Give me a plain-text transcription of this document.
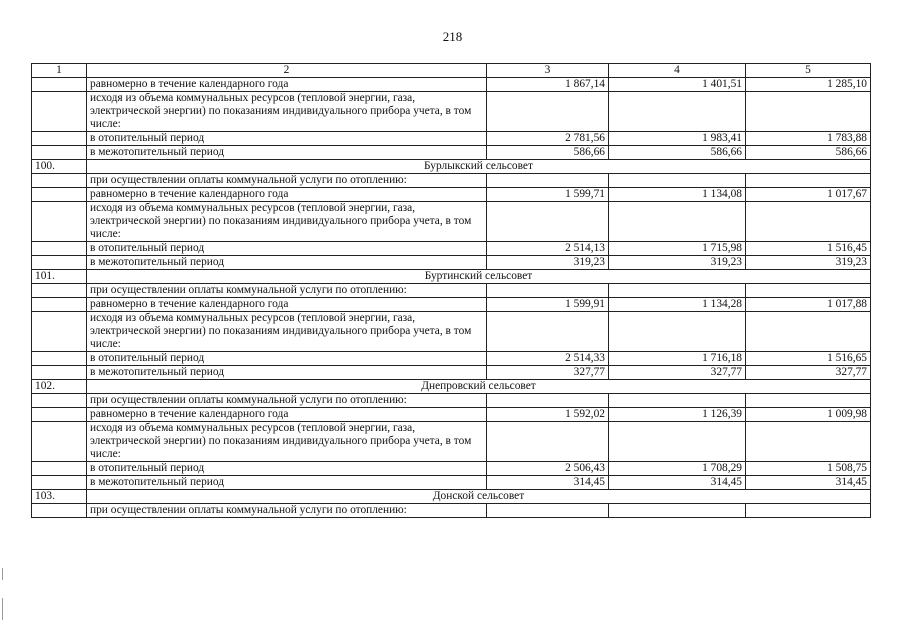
218
1	2	3	4	5
	равномерно в течение календарного года	1 867,14	1 401,51	1 285,10
	исходя из объема коммунальных ресурсов (тепловой энергии, газа, электрической энергии) по показаниям индивидуального прибора учета, в том числе:			
	в отопительный период	2 781,56	1 983,41	1 783,88
	в межотопительный период	586,66	586,66	586,66
100.	Бурлыкский сельсовет			
	при осуществлении оплаты коммунальной услуги по отоплению:			
	равномерно в течение календарного года	1 599,71	1 134,08	1 017,67
	исходя из объема коммунальных ресурсов (тепловой энергии, газа, электрической энергии) по показаниям индивидуального прибора учета, в том числе:			
	в отопительный период	2 514,13	1 715,98	1 516,45
	в межотопительный период	319,23	319,23	319,23
101.	Буртинский сельсовет			
	при осуществлении оплаты коммунальной услуги по отоплению:			
	равномерно в течение календарного года	1 599,91	1 134,28	1 017,88
	исходя из объема коммунальных ресурсов (тепловой энергии, газа, электрической энергии) по показаниям индивидуального прибора учета, в том числе:			
	в отопительный период	2 514,33	1 716,18	1 516,65
	в межотопительный период	327,77	327,77	327,77
102.	Днепровский сельсовет			
	при осуществлении оплаты коммунальной услуги по отоплению:			
	равномерно в течение календарного года	1 592,02	1 126,39	1 009,98
	исходя из объема коммунальных ресурсов (тепловой энергии, газа, электрической энергии) по показаниям индивидуального прибора учета, в том числе:			
	в отопительный период	2 506,43	1 708,29	1 508,75
	в межотопительный период	314,45	314,45	314,45
103.	Донской сельсовет			
	при осуществлении оплаты коммунальной услуги по отоплению:			
